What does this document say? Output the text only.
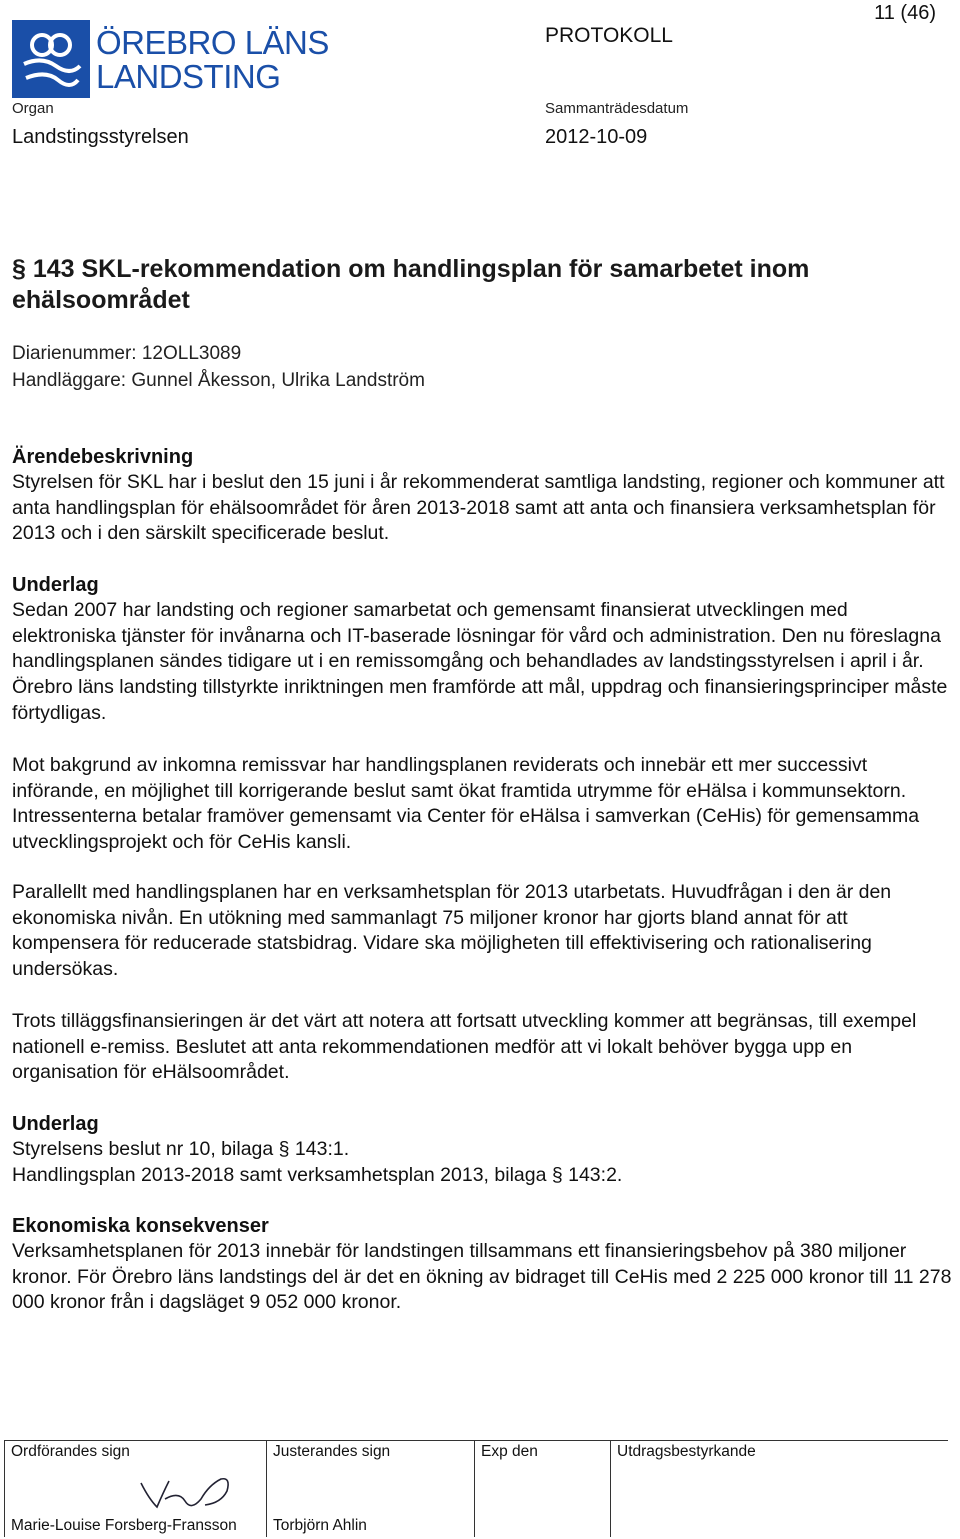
ÖREBRO LÄNS
LANDSTING
PROTOKOLL
11 (46)
Organ
Landstingsstyrelsen
Sammanträdesdatum
2012-10-09
§ 143 SKL-rekommendation om handlingsplan för samarbetet inom ehälsoområdet
Diarienummer: 12OLL3089
Handläggare: Gunnel Åkesson, Ulrika Landström
Ärendebeskrivning

Styrelsen för SKL har i beslut den 15 juni i år rekommenderat samtliga landsting, regioner och kommuner att anta handlingsplan för ehälsoområdet för åren 2013-2018 samt att anta och finansiera verksamhetsplan för 2013 och i den särskilt specificerade beslut.

Underlag

Sedan 2007 har landsting och regioner samarbetat och gemensamt finansierat utvecklingen med elektroniska tjänster för invånarna och IT-baserade lösningar för vård och administration. Den nu föreslagna handlingsplanen sändes tidigare ut i en remissomgång och behandlades av landstingsstyrelsen i april i år. Örebro läns landsting tillstyrkte inriktningen men framförde att mål, uppdrag och finansieringsprinciper måste förtydligas.

Mot bakgrund av inkomna remissvar har handlingsplanen reviderats och innebär ett mer successivt införande, en möjlighet till korrigerande beslut samt ökat framtida utrymme för eHälsa i kommunsektorn. Intressenterna betalar framöver gemensamt via Center för eHälsa i samverkan (CeHis) för gemensamma utvecklingsprojekt och för CeHis kansli.

Parallellt med handlingsplanen har en verksamhetsplan för 2013 utarbetats. Huvudfrågan i den är den ekonomiska nivån. En utökning med sammanlagt 75 miljoner kronor har gjorts bland annat för att kompensera för reducerade statsbidrag. Vidare ska möjligheten till effektivisering och rationalisering undersökas.

Trots tilläggsfinansieringen är det värt att notera att fortsatt utveckling kommer att begränsas, till exempel nationell e-remiss. Beslutet att anta rekommendationen medför att vi lokalt behöver bygga upp en organisation för eHälsoområdet.

Underlag

Styrelsens beslut nr 10, bilaga § 143:1.

Handlingsplan 2013-2018 samt verksamhetsplan 2013, bilaga § 143:2.

Ekonomiska konsekvenser

Verksamhetsplanen för 2013 innebär för landstingen tillsammans ett finansieringsbehov på 380 miljoner kronor. För Örebro läns landstings del är det en ökning av bidraget till CeHis med 2 225 000 kronor till 11 278 000 kronor från i dagsläget 9 052 000 kronor.

Ordförandes sign
Marie-Louise Forsberg-Fransson
Justerandes sign
Torbjörn Ahlin
Exp den	Utdragsbestyrkande
